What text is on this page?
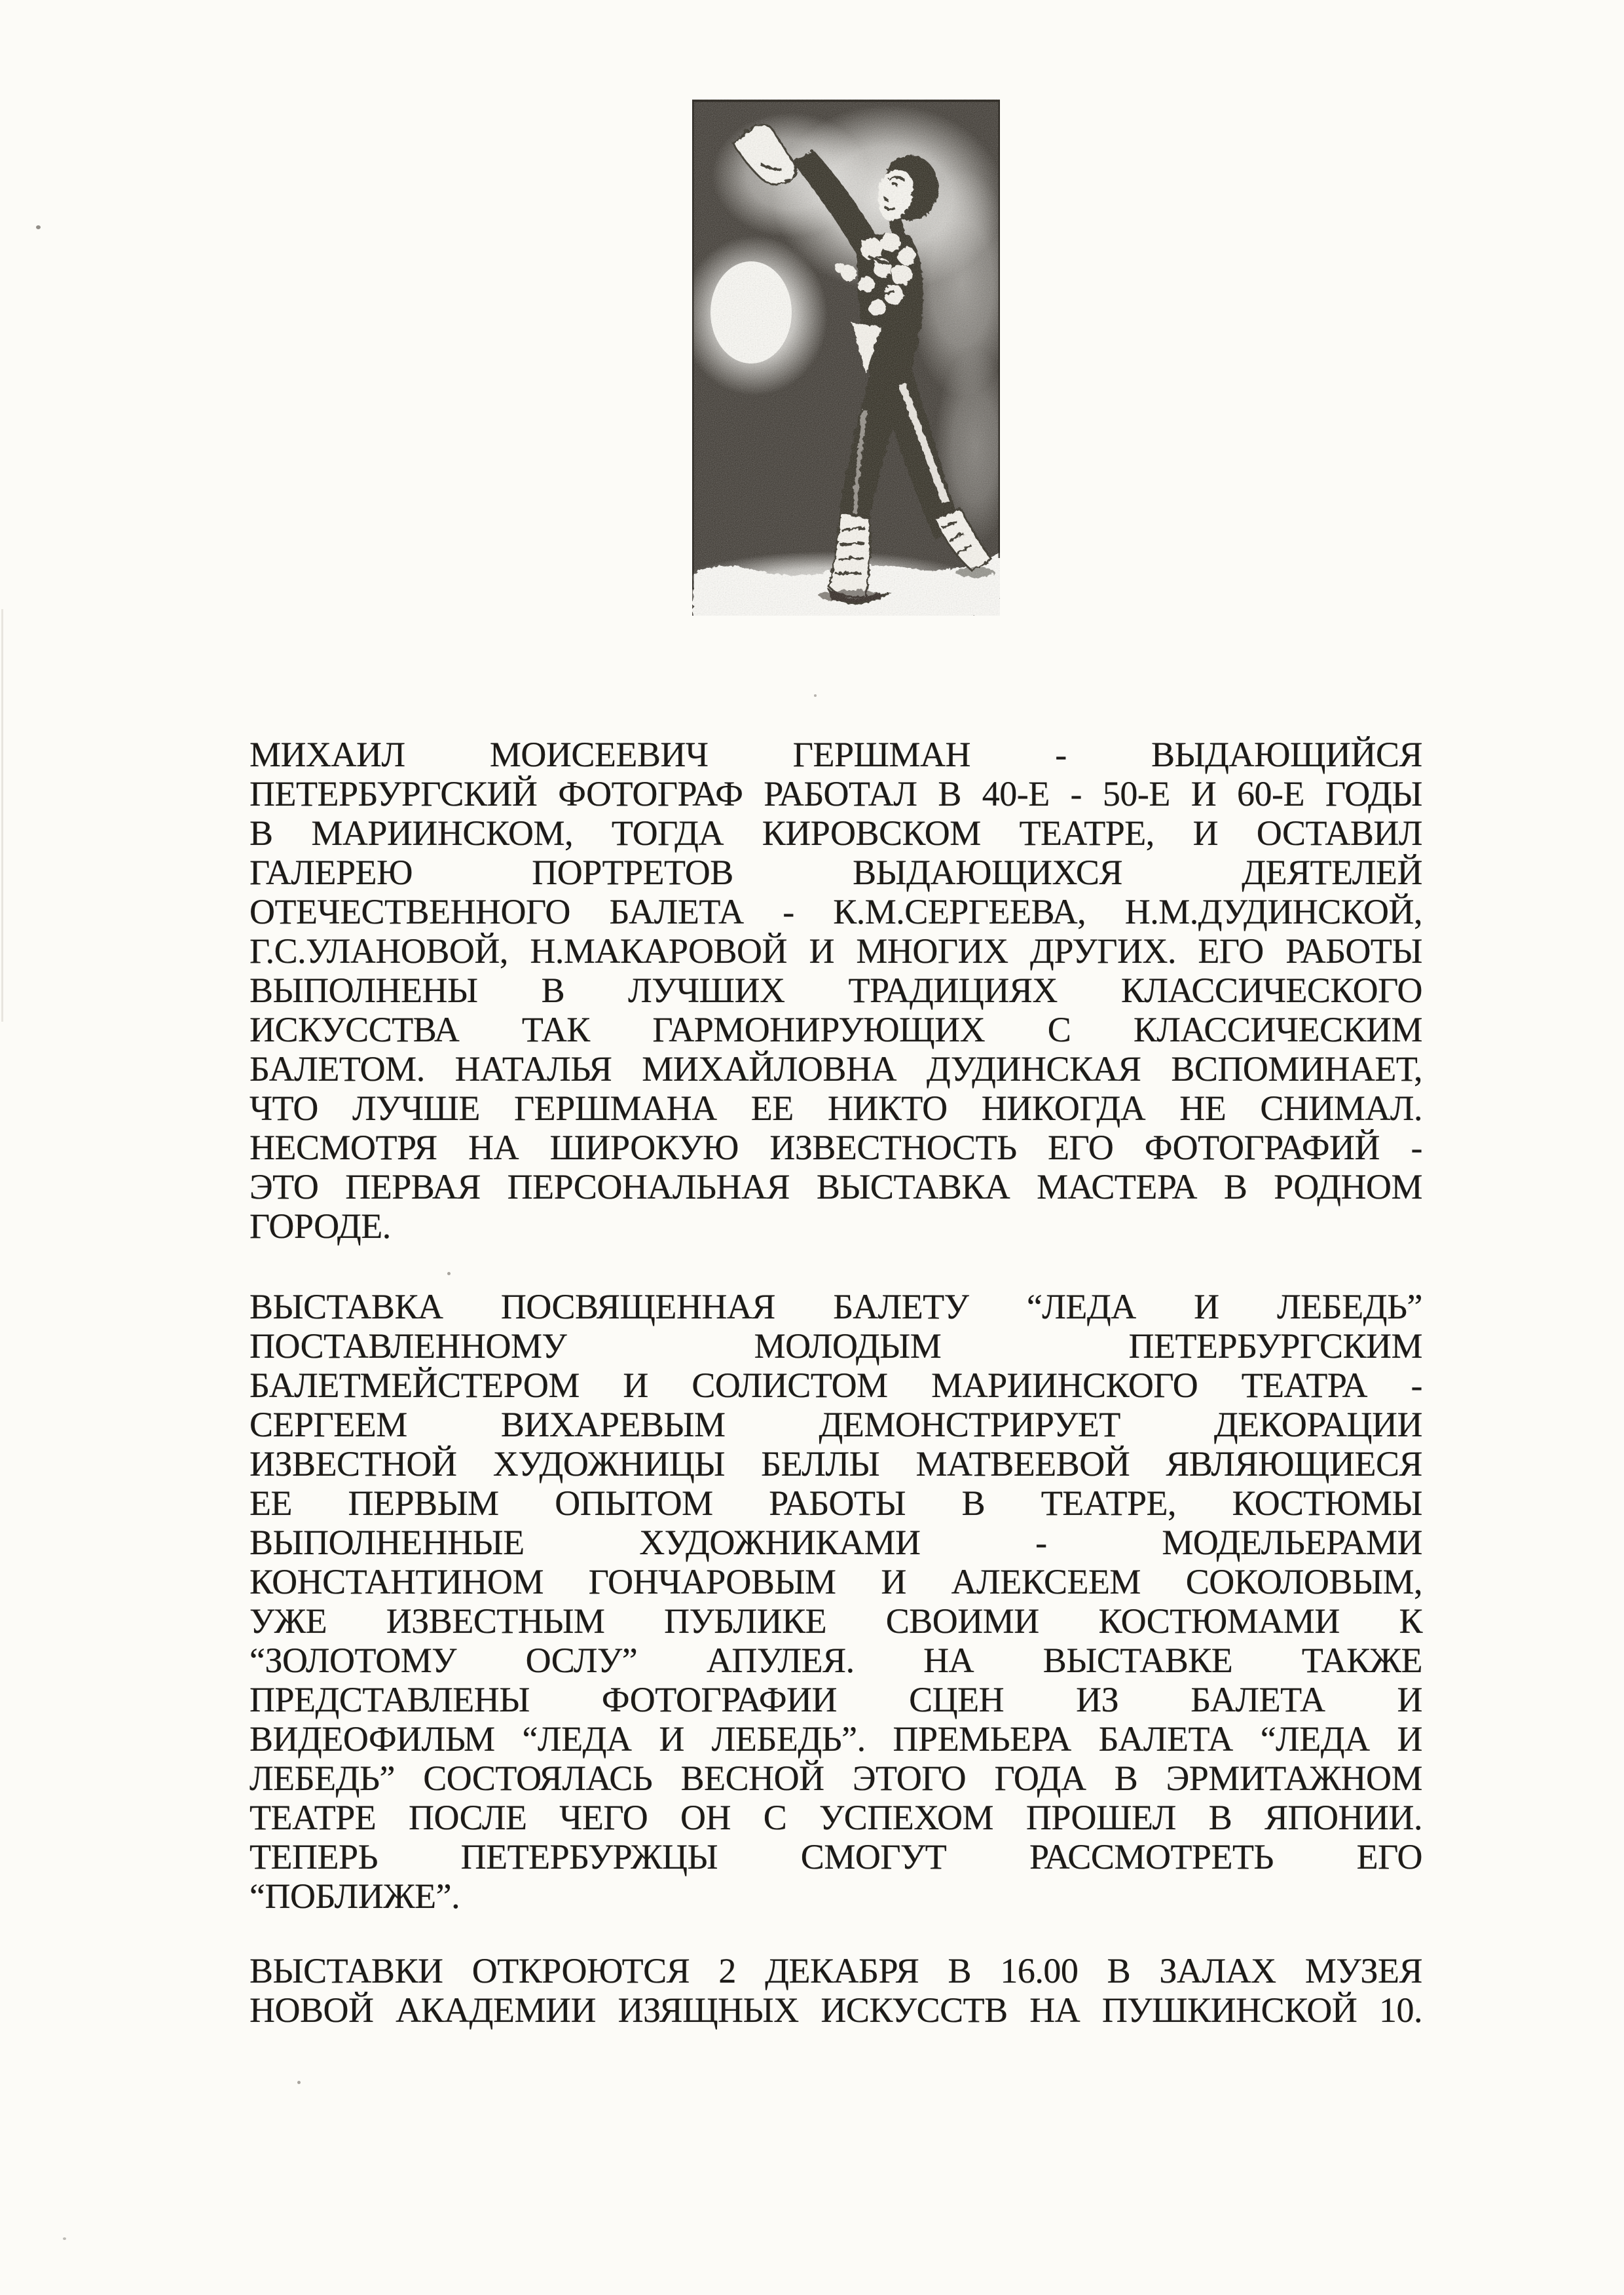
МИХАИЛ МОИСЕЕВИЧ ГЕРШМАН - ВЫДАЮЩИЙСЯ
ПЕТЕРБУРГСКИЙ ФОТОГРАФ РАБОТАЛ В 40-Е - 50-Е И 60-Е ГОДЫ
В МАРИИНСКОМ, ТОГДА КИРОВСКОМ ТЕАТРЕ, И ОСТАВИЛ
ГАЛЕРЕЮ ПОРТРЕТОВ ВЫДАЮЩИХСЯ ДЕЯТЕЛЕЙ
ОТЕЧЕСТВЕННОГО БАЛЕТА - К.М.СЕРГЕЕВА, Н.М.ДУДИНСКОЙ,
Г.С.УЛАНОВОЙ, Н.МАКАРОВОЙ И МНОГИХ ДРУГИХ. ЕГО РАБОТЫ
ВЫПОЛНЕНЫ В ЛУЧШИХ ТРАДИЦИЯХ КЛАССИЧЕСКОГО
ИСКУССТВА ТАК ГАРМОНИРУЮЩИХ С КЛАССИЧЕСКИМ
БАЛЕТОМ. НАТАЛЬЯ МИХАЙЛОВНА ДУДИНСКАЯ ВСПОМИНАЕТ,
ЧТО ЛУЧШЕ ГЕРШМАНА ЕЕ НИКТО НИКОГДА НЕ СНИМАЛ.
НЕСМОТРЯ НА ШИРОКУЮ ИЗВЕСТНОСТЬ ЕГО ФОТОГРАФИЙ -
ЭТО ПЕРВАЯ ПЕРСОНАЛЬНАЯ ВЫСТАВКА МАСТЕРА В РОДНОМ
ГОРОДЕ.
ВЫСТАВКА ПОСВЯЩЕННАЯ БАЛЕТУ “ЛЕДА И ЛЕБЕДЬ”
ПОСТАВЛЕННОМУ МОЛОДЫМ ПЕТЕРБУРГСКИМ
БАЛЕТМЕЙСТЕРОМ И СОЛИСТОМ МАРИИНСКОГО ТЕАТРА -
СЕРГЕЕМ ВИХАРЕВЫМ ДЕМОНСТРИРУЕТ ДЕКОРАЦИИ
ИЗВЕСТНОЙ ХУДОЖНИЦЫ БЕЛЛЫ МАТВЕЕВОЙ ЯВЛЯЮЩИЕСЯ
ЕЕ ПЕРВЫМ ОПЫТОМ РАБОТЫ В ТЕАТРЕ, КОСТЮМЫ
ВЫПОЛНЕННЫЕ ХУДОЖНИКАМИ - МОДЕЛЬЕРАМИ
КОНСТАНТИНОМ ГОНЧАРОВЫМ И АЛЕКСЕЕМ СОКОЛОВЫМ,
УЖЕ ИЗВЕСТНЫМ ПУБЛИКЕ СВОИМИ КОСТЮМАМИ К
“ЗОЛОТОМУ ОСЛУ” АПУЛЕЯ. НА ВЫСТАВКЕ ТАКЖЕ
ПРЕДСТАВЛЕНЫ ФОТОГРАФИИ СЦЕН ИЗ БАЛЕТА И
ВИДЕОФИЛЬМ “ЛЕДА И ЛЕБЕДЬ”. ПРЕМЬЕРА БАЛЕТА “ЛЕДА И
ЛЕБЕДЬ” СОСТОЯЛАСЬ ВЕСНОЙ ЭТОГО ГОДА В ЭРМИТАЖНОМ
ТЕАТРЕ ПОСЛЕ ЧЕГО ОН С УСПЕХОМ ПРОШЕЛ В ЯПОНИИ.
ТЕПЕРЬ ПЕТЕРБУРЖЦЫ СМОГУТ РАССМОТРЕТЬ ЕГО
“ПОБЛИЖЕ”.
ВЫСТАВКИ ОТКРОЮТСЯ 2 ДЕКАБРЯ В 16.00 В ЗАЛАХ МУЗЕЯ
НОВОЙ АКАДЕМИИ ИЗЯЩНЫХ ИСКУССТВ НА ПУШКИНСКОЙ 10.
